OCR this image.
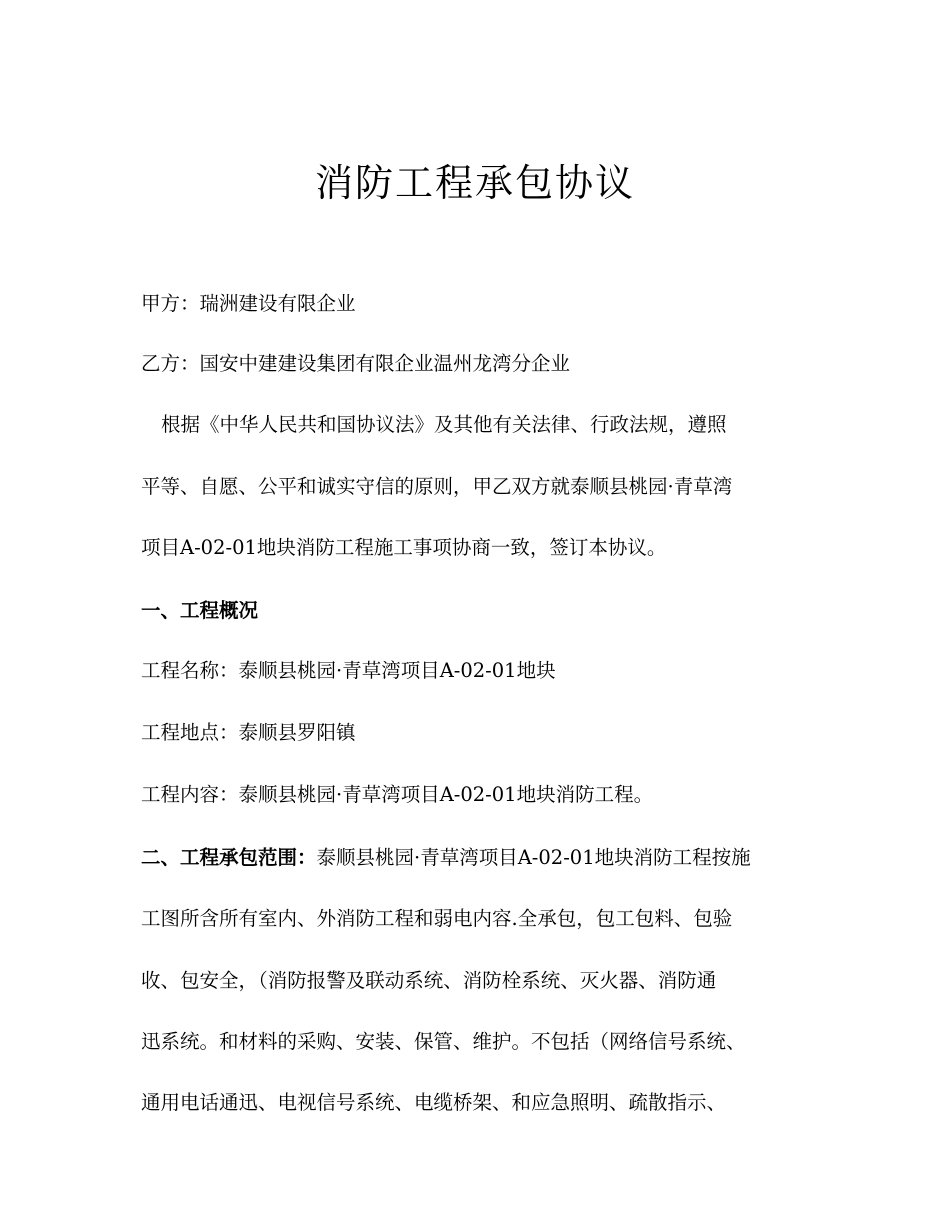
消防工程承包协议
甲方：瑞洲建设有限企业
乙方：国安中建建设集团有限企业温州龙湾分企业
根据《中华人民共和国协议法》及其他有关法律、行政法规，遵照
平等、自愿、公平和诚实守信的原则，甲乙双方就泰顺县桃园·青草湾
项目A-02-01地块消防工程施工事项协商一致，签订本协议。
一、工程概况
工程名称：泰顺县桃园·青草湾项目A-02-01地块
工程地点：泰顺县罗阳镇
工程内容：泰顺县桃园·青草湾项目A-02-01地块消防工程。
二、工程承包范围：泰顺县桃园·青草湾项目A-02-01地块消防工程按施
工图所含所有室内、外消防工程和弱电内容.全承包，包工包料、包验
收、包安全，（消防报警及联动系统、消防栓系统、灭火器、消防通
迅系统。和材料的采购、安装、保管、维护。不包括（网络信号系统、
通用电话通迅、电视信号系统、电缆桥架、和应急照明、疏散指示、
